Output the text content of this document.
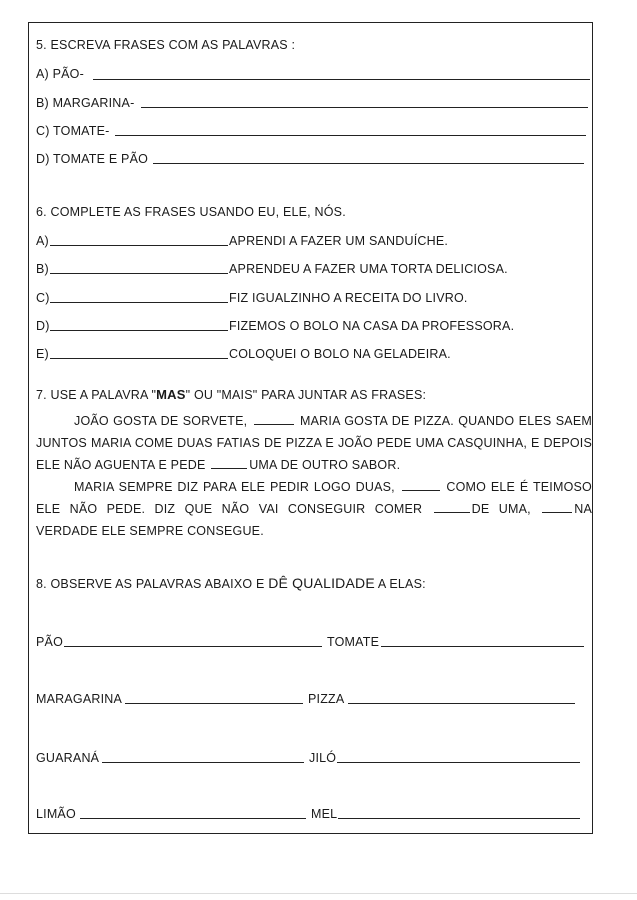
5. ESCREVA FRASES COM AS PALAVRAS :
A) PÃO-
B) MARGARINA-
C) TOMATE-
D) TOMATE E PÃO
6. COMPLETE AS FRASES USANDO EU, ELE, NÓS.
A)	APRENDI A FAZER UM SANDUÍCHE.
B)	APRENDEU A FAZER UMA TORTA DELICIOSA.
C)	FIZ IGUALZINHO A RECEITA DO LIVRO.
D)	FIZEMOS O BOLO NA CASA DA PROFESSORA.
E)	COLOQUEI O BOLO NA GELADEIRA.
7. USE A PALAVRA "MAS" OU "MAIS" PARA JUNTAR AS FRASES:
JOÃO GOSTA DE SORVETE,	MARIA GOSTA DE PIZZA. QUANDO ELES SAEM JUNTOS MARIA COME DUAS FATIAS DE PIZZA E JOÃO PEDE UMA CASQUINHA, E DEPOIS ELE NÃO AGUENTA E PEDE	UMA DE OUTRO SABOR.
MARIA SEMPRE DIZ PARA ELE PEDIR LOGO DUAS,	COMO ELE É TEIMOSO ELE NÃO PEDE. DIZ QUE NÃO VAI CONSEGUIR COMER	DE UMA,	NA VERDADE ELE SEMPRE CONSEGUE.
8. OBSERVE AS PALAVRAS ABAIXO E DÊ QUALIDADE A ELAS:
PÃO	TOMATE
MARAGARINA	PIZZA
GUARANÁ	JILÓ
LIMÃO	MEL
